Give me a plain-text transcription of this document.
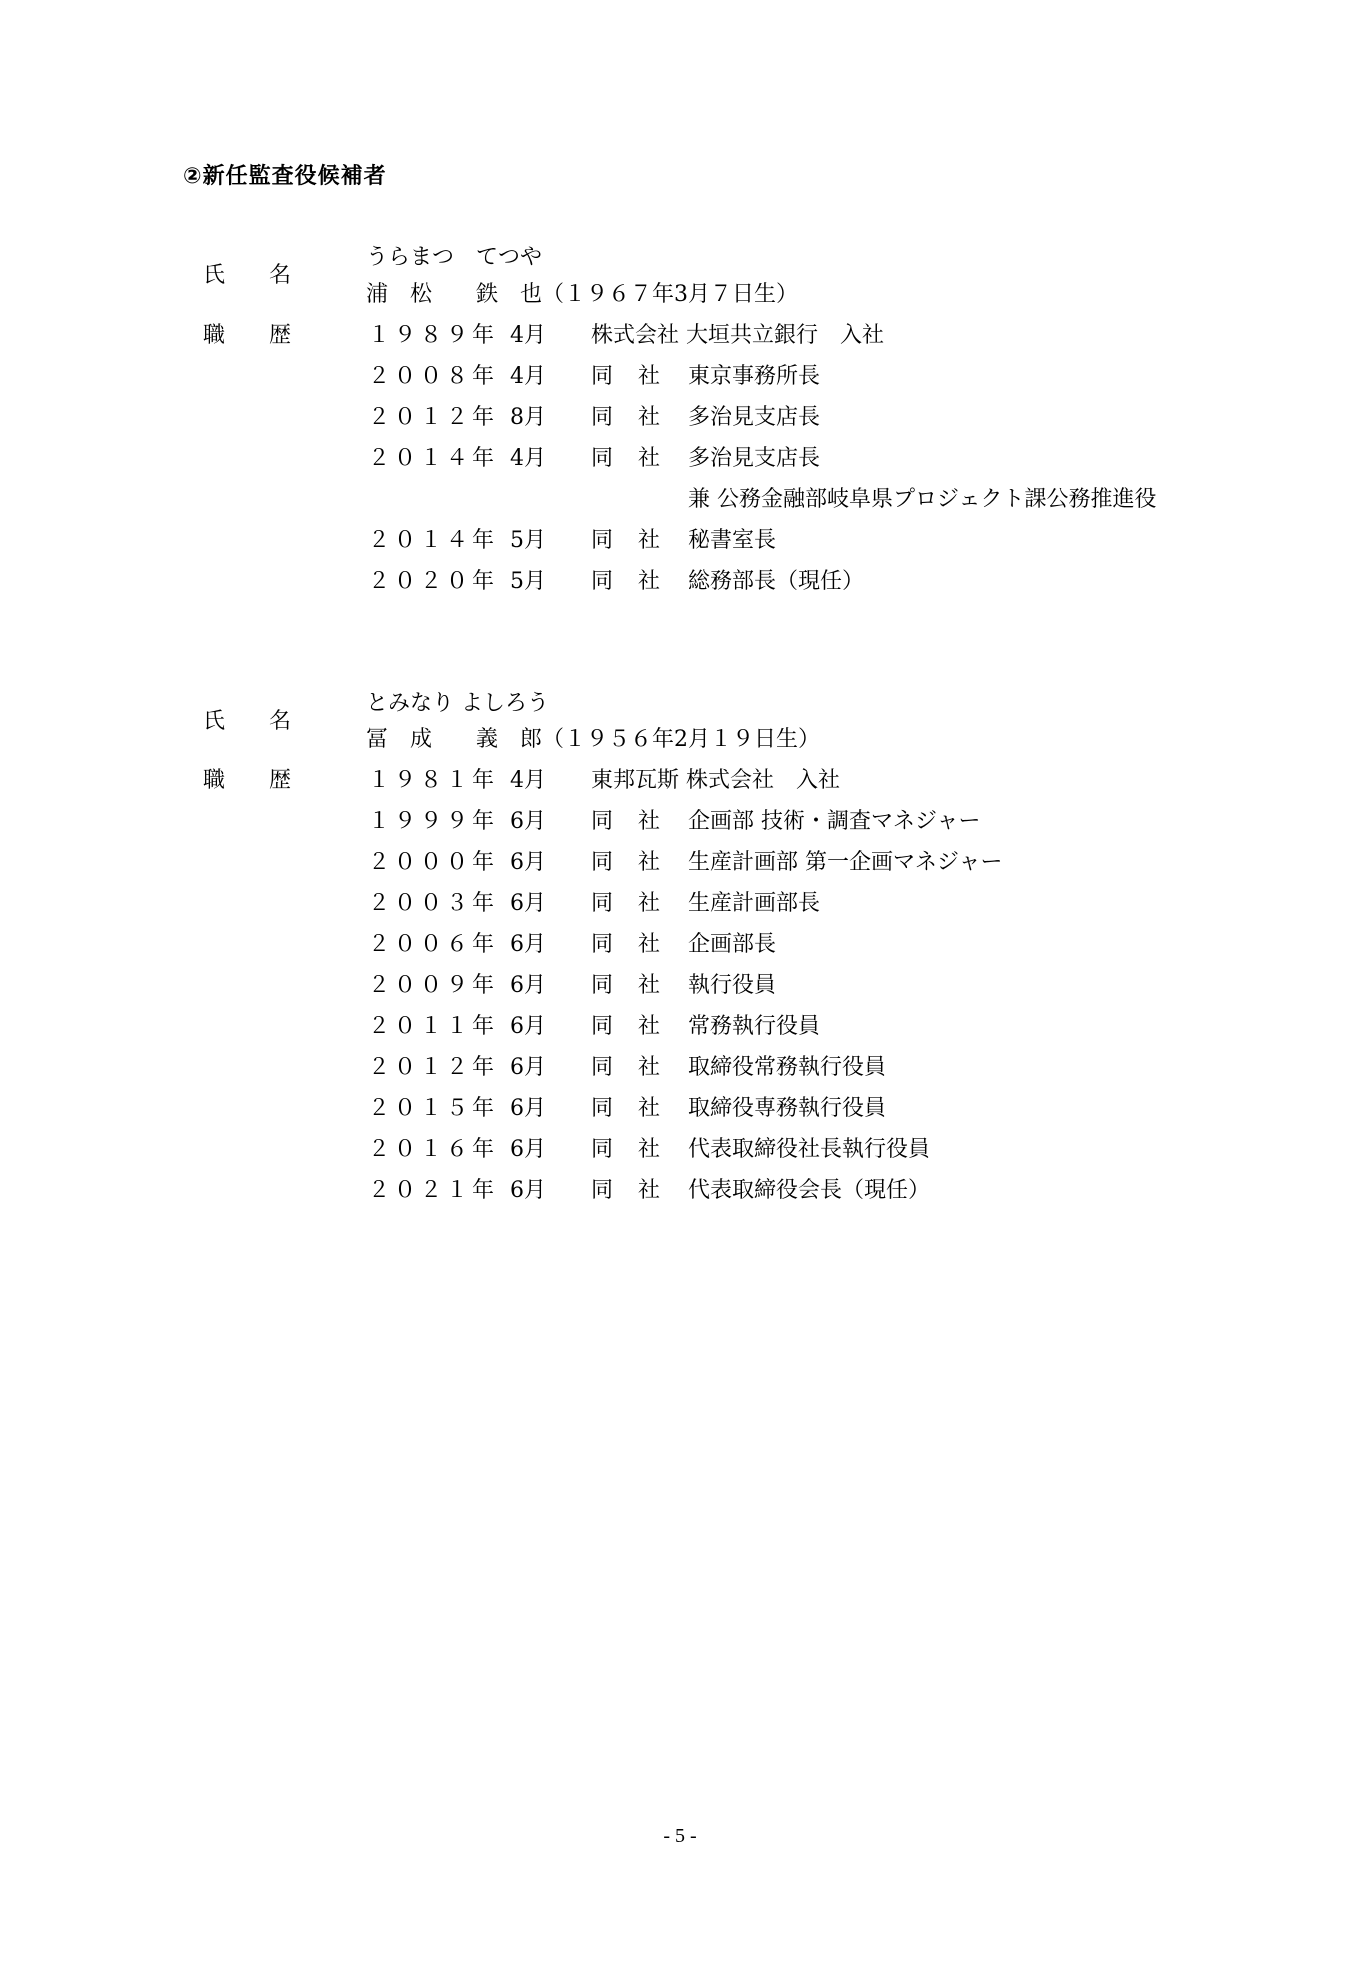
②新任監査役候補者
氏　　名
うらまつ　てつや
浦　松　　鉄　也（１９６７年3月７日生）
職　　歴	１９８９年 4月 株式会社 大垣共立銀行　入社
２００８年 4月 同 社 東京事務所長
２０１２年 8月 同 社 多治見支店長
２０１４年 4月 同 社 多治見支店長
兼 公務金融部岐阜県プロジェクト課公務推進役
２０１４年 5月 同 社 秘書室長
２０２０年 5月 同 社 総務部長（現任）
氏　　名
とみなり よしろう
冨　成　　義　郎（１９５６年2月１９日生）
職　　歴	１９８１年 4月 東邦瓦斯 株式会社　入社
１９９９年 6月 同 社 企画部 技術・調査マネジャー
２０００年 6月 同 社 生産計画部 第一企画マネジャー
２００３年 6月 同 社 生産計画部長
２００６年 6月 同 社 企画部長
２００９年 6月 同 社 執行役員
２０１１年 6月 同 社 常務執行役員
２０１２年 6月 同 社 取締役常務執行役員
２０１５年 6月 同 社 取締役専務執行役員
２０１６年 6月 同 社 代表取締役社長執行役員
２０２１年 6月 同 社 代表取締役会長（現任）
- 5 -
